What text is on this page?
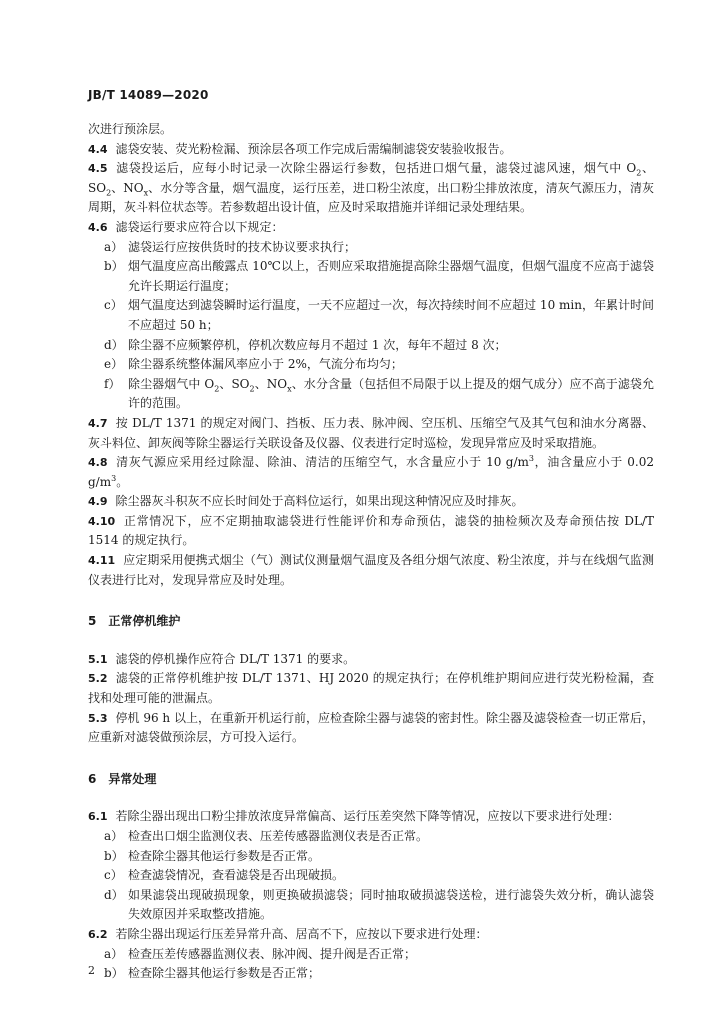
JB/T 14089—2020

次进行预涂层。

4.4 滤袋安装、荧光粉检漏、预涂层各项工作完成后需编制滤袋安装验收报告。

4.5 滤袋投运后，应每小时记录一次除尘器运行参数，包括进口烟气量，滤袋过滤风速，烟气中 $O_2$、$SO_2$、$NO_x$、水分等含量，烟气温度，运行压差，进口粉尘浓度，出口粉尘排放浓度，清灰气源压力，清灰周期，灰斗料位状态等。若参数超出设计值，应及时采取措施并详细记录处理结果。

4.6 滤袋运行要求应符合以下规定：

a） 滤袋运行应按供货时的技术协议要求执行；
b） 烟气温度应高出酸露点 10℃以上，否则应采取措施提高除尘器烟气温度，但烟气温度不应高于滤袋允许长期运行温度；
c） 烟气温度达到滤袋瞬时运行温度，一天不应超过一次，每次持续时间不应超过 10 min，年累计时间不应超过 50 h；
d） 除尘器不应频繁停机，停机次数应每月不超过 1 次，每年不超过 8 次；
e） 除尘器系统整体漏风率应小于 2%，气流分布均匀；
f） 除尘器烟气中 $O_2$、$SO_2$、$NO_x$、水分含量（包括但不局限于以上提及的烟气成分）应不高于滤袋允许的范围。

4.7 按 DL/T 1371 的规定对阀门、挡板、压力表、脉冲阀、空压机、压缩空气及其气包和油水分离器、灰斗料位、卸灰阀等除尘器运行关联设备及仪器、仪表进行定时巡检，发现异常应及时采取措施。

4.8 清灰气源应采用经过除湿、除油、清洁的压缩空气，水含量应小于 10 $g/m^3$，油含量应小于 0.02 $g/m^3$。

4.9 除尘器灰斗积灰不应长时间处于高料位运行，如果出现这种情况应及时排灰。

4.10 正常情况下，应不定期抽取滤袋进行性能评价和寿命预估，滤袋的抽检频次及寿命预估按 DL/T 1514 的规定执行。

4.11 应定期采用便携式烟尘（气）测试仪测量烟气温度及各组分烟气浓度、粉尘浓度，并与在线烟气监测仪表进行比对，发现异常应及时处理。

5 正常停机维护

5.1 滤袋的停机操作应符合 DL/T 1371 的要求。

5.2 滤袋的正常停机维护按 DL/T 1371、HJ 2020 的规定执行；在停机维护期间应进行荧光粉检漏，查找和处理可能的泄漏点。

5.3 停机 96 h 以上，在重新开机运行前，应检查除尘器与滤袋的密封性。除尘器及滤袋检查一切正常后，应重新对滤袋做预涂层，方可投入运行。

6 异常处理

6.1 若除尘器出现出口粉尘排放浓度异常偏高、运行压差突然下降等情况，应按以下要求进行处理：

a） 检查出口烟尘监测仪表、压差传感器监测仪表是否正常。
b） 检查除尘器其他运行参数是否正常。
c） 检查滤袋情况，查看滤袋是否出现破损。
d） 如果滤袋出现破损现象，则更换破损滤袋；同时抽取破损滤袋送检，进行滤袋失效分析，确认滤袋失效原因并采取整改措施。

6.2 若除尘器出现运行压差异常升高、居高不下，应按以下要求进行处理：

a） 检查压差传感器监测仪表、脉冲阀、提升阀是否正常；
b） 检查除尘器其他运行参数是否正常；
2
